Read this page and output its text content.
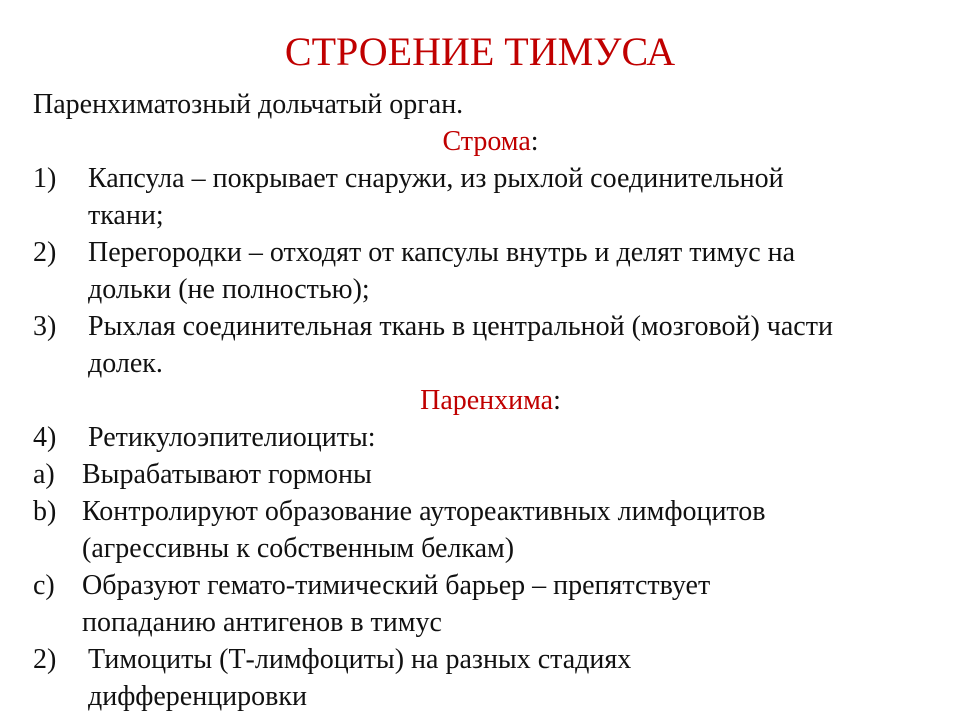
СТРОЕНИЕ ТИМУСА
Паренхиматозный дольчатый орган.
Строма:
1)	Капсула – покрывает снаружи, из рыхлой соединительной
ткани;
2)	Перегородки – отходят от капсулы внутрь и делят тимус на
дольки (не полностью);
3)	Рыхлая соединительная ткань в центральной (мозговой) части
долек.
Паренхима:
4)	Ретикулоэпителиоциты:
a) Вырабатывают гормоны
b) Контролируют образование аутореактивных лимфоцитов
(агрессивны к собственным белкам)
c) Образуют гемато-тимический барьер – препятствует
попаданию антигенов в тимус
2)	Тимоциты (Т-лимфоциты) на разных стадиях
дифференцировки
